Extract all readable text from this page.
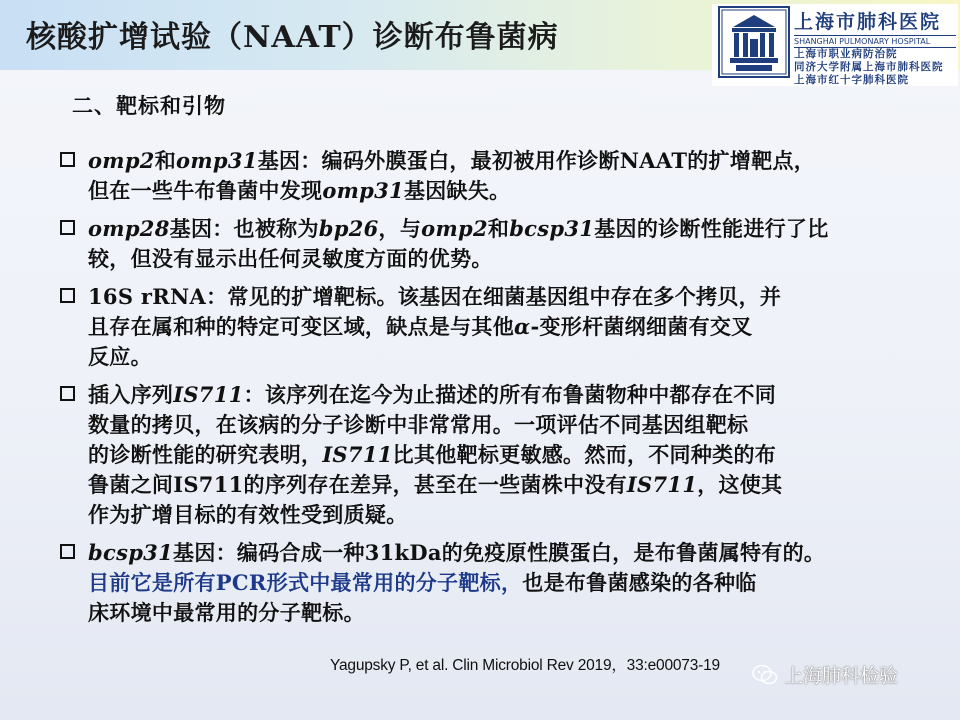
核酸扩增试验（NAAT）诊断布鲁菌病	上海市肺科医院
SHANGHAI PULMONARY HOSPITAL
上海市职业病防治院
同济大学附属上海市肺科医院
上海市红十字肺科医院
二、靶标和引物
omp2和omp31基因：编码外膜蛋白，最初被用作诊断NAAT的扩增靶点，
但在一些牛布鲁菌中发现omp31基因缺失。
omp28基因：也被称为bp26，与omp2和bcsp31基因的诊断性能进行了比
较，但没有显示出任何灵敏度方面的优势。
16S rRNA：常见的扩增靶标。该基因在细菌基因组中存在多个拷贝，并
且存在属和种的特定可变区域，缺点是与其他α-变形杆菌纲细菌有交叉
反应。
插入序列IS711：该序列在迄今为止描述的所有布鲁菌物种中都存在不同
数量的拷贝，在该病的分子诊断中非常常用。一项评估不同基因组靶标
的诊断性能的研究表明，IS711比其他靶标更敏感。然而，不同种类的布
鲁菌之间IS711的序列存在差异，甚至在一些菌株中没有IS711，这使其
作为扩增目标的有效性受到质疑。
bcsp31基因：编码合成一种31kDa的免疫原性膜蛋白，是布鲁菌属特有的。
目前它是所有PCR形式中最常用的分子靶标，也是布鲁菌感染的各种临
床环境中最常用的分子靶标。
Yagupsky P, et al. Clin Microbiol Rev 2019，33:e00073-19	上海肺科检验
